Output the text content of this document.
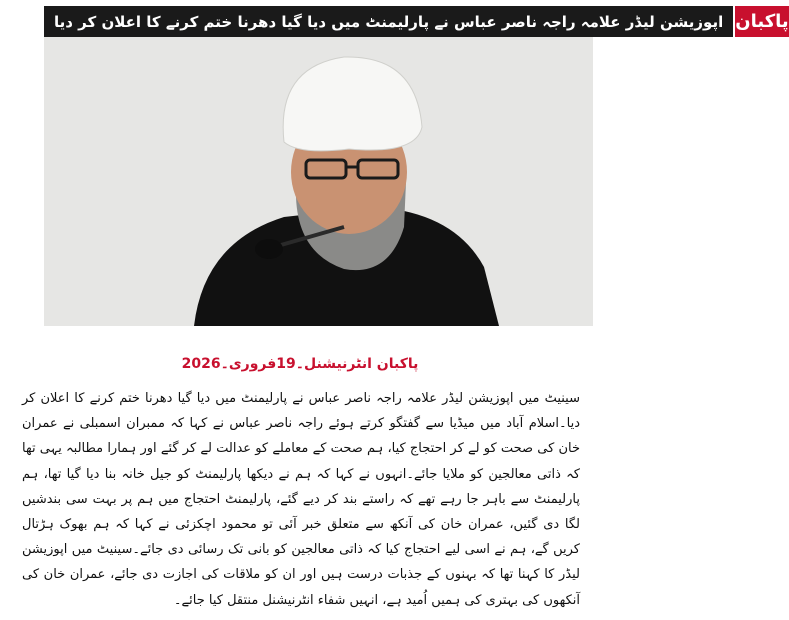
اپوزیشن لیڈر علامہ راجہ ناصر عباس نے پارلیمنٹ میں دیا گیا دھرنا ختم کرنے کا اعلان کر دیا پاکبان
پاکبان انٹرنیشنل۔19فروری۔2026
سینیٹ میں اپوزیشن لیڈر علامہ راجہ ناصر عباس نے پارلیمنٹ میں دیا گیا دھرنا ختم کرنے کا اعلان کر دیا۔اسلام آباد میں میڈیا سے گفتگو کرتے ہوئے راجہ ناصر عباس نے کہا کہ ممبران اسمبلی نے عمران خان کی صحت کو لے کر احتجاج کیا، ہم صحت کے معاملے کو عدالت لے کر گئے اور ہمارا مطالبہ یہی تھا کہ ذاتی معالجین کو ملایا جائے۔انہوں نے کہا کہ ہم نے دیکھا پارلیمنٹ کو جیل خانہ بنا دیا گیا تھا، ہم پارلیمنٹ سے باہر جا رہے تھے کہ راستے بند کر دیے گئے، پارلیمنٹ احتجاج میں ہم پر بہت سی بندشیں لگا دی گئیں، عمران خان کی آنکھ سے متعلق خبر آئی تو محمود اچکزئی نے کہا کہ ہم بھوک ہڑتال کریں گے، ہم نے اسی لیے احتجاج کیا کہ ذاتی معالجین کو بانی تک رسائی دی جائے۔سینیٹ میں اپوزیشن لیڈر کا کہنا تھا کہ بہنوں کے جذبات درست ہیں اور ان کو ملاقات کی اجازت دی جائے، عمران خان کی آنکھوں کی بہتری کی ہمیں اُمید ہے، انہیں شفاء انٹرنیشنل منتقل کیا جائے۔
